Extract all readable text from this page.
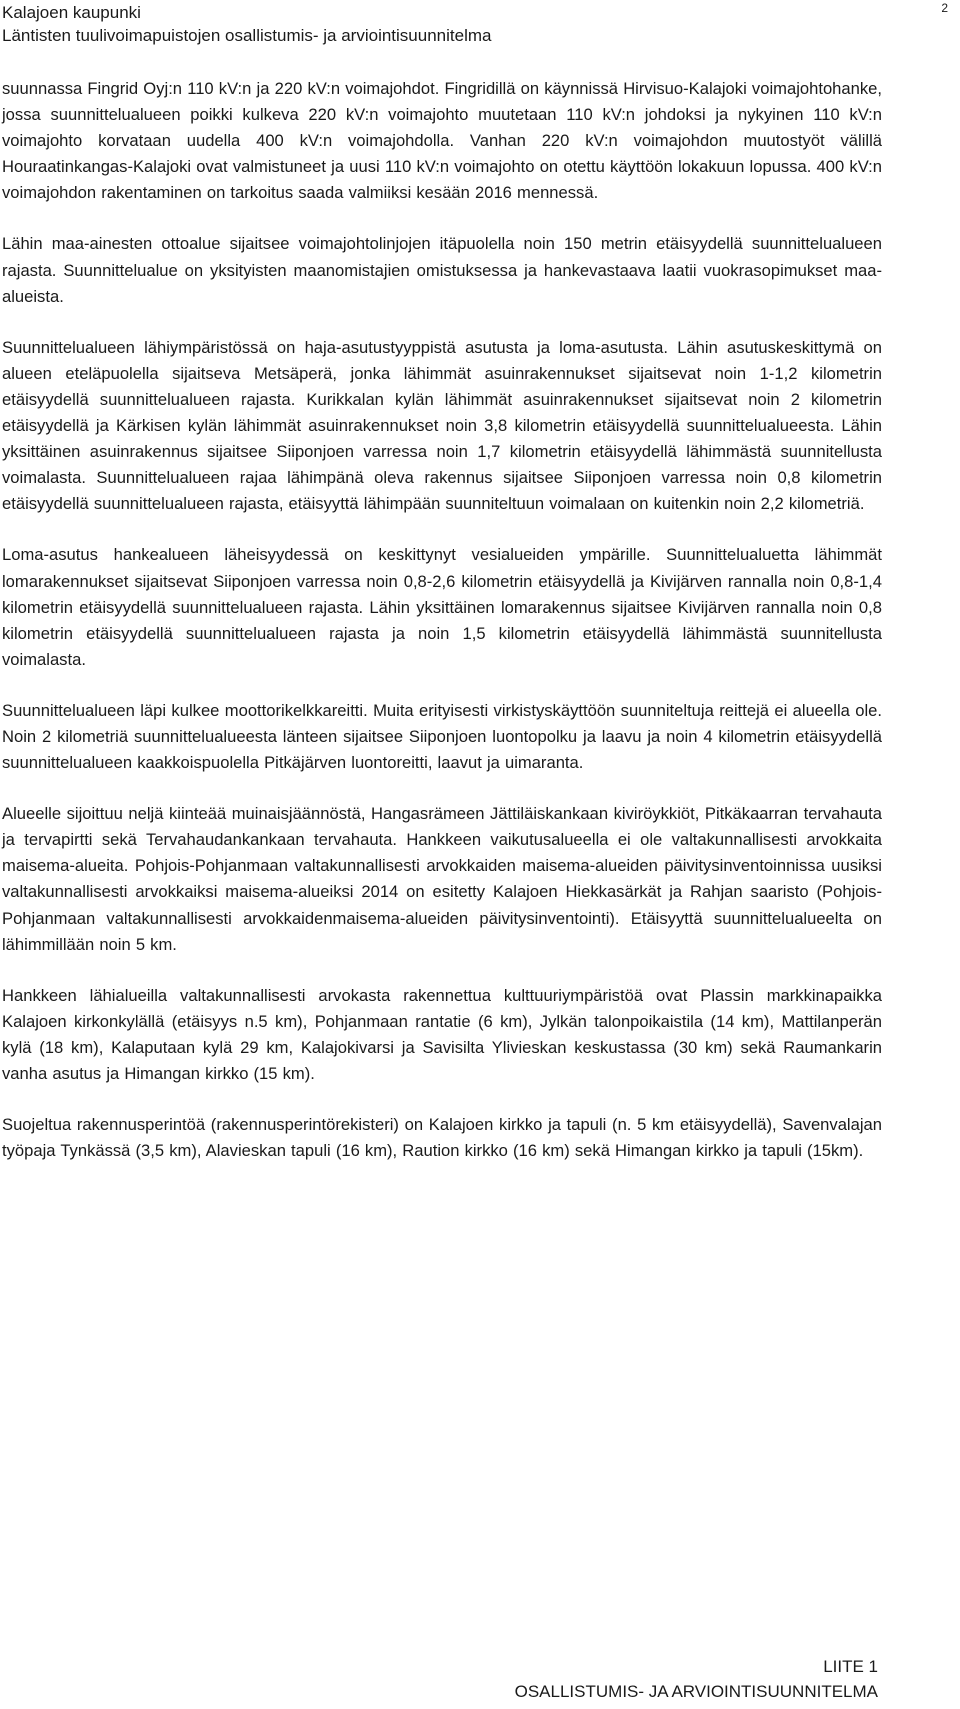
Kalajoen kaupunki
Läntisten tuulivoimapuistojen osallistumis- ja arviointisuunnitelma
2

suunnassa Fingrid Oyj:n 110 kV:n ja 220 kV:n voimajohdot. Fingridillä on käynnissä Hirvisuo-Kalajoki voimajohtohanke, jossa suunnittelualueen poikki kulkeva 220 kV:n voimajohto muutetaan 110 kV:n johdoksi ja nykyinen 110 kV:n voimajohto korvataan uudella 400 kV:n voimajohdolla. Vanhan 220 kV:n voimajohdon muutostyöt välillä Houraatinkangas-Kalajoki ovat valmistuneet ja uusi 110 kV:n voimajohto on otettu käyttöön lokakuun lopussa. 400 kV:n voimajohdon rakentaminen on tarkoitus saada valmiiksi kesään 2016 mennessä.

Lähin maa-ainesten ottoalue sijaitsee voimajohtolinjojen itäpuolella noin 150 metrin etäisyydellä suunnittelualueen rajasta. Suunnittelualue on yksityisten maanomistajien omistuksessa ja hankevastaava laatii vuokrasopimukset maa-alueista.

Suunnittelualueen lähiympäristössä on haja-asutustyyppistä asutusta ja loma-asutusta. Lähin asutuskeskittymä on alueen eteläpuolella sijaitseva Metsäperä, jonka lähimmät asuinrakennukset sijaitsevat noin 1-1,2 kilometrin etäisyydellä suunnittelualueen rajasta. Kurikkalan kylän lähimmät asuinrakennukset sijaitsevat noin 2 kilometrin etäisyydellä ja Kärkisen kylän lähimmät asuinrakennukset noin 3,8 kilometrin etäisyydellä suunnittelualueesta. Lähin yksittäinen asuinrakennus sijaitsee Siiponjoen varressa noin 1,7 kilometrin etäisyydellä lähimmästä suunnitellusta voimalasta. Suunnittelualueen rajaa lähimpänä oleva rakennus sijaitsee Siiponjoen varressa noin 0,8 kilometrin etäisyydellä suunnittelualueen rajasta, etäisyyttä lähimpään suunniteltuun voimalaan on kuitenkin noin 2,2 kilometriä.

Loma-asutus hankealueen läheisyydessä on keskittynyt vesialueiden ympärille. Suunnittelualuetta lähimmät lomarakennukset sijaitsevat Siiponjoen varressa noin 0,8-2,6 kilometrin etäisyydellä ja Kivijärven rannalla noin 0,8-1,4 kilometrin etäisyydellä suunnittelualueen rajasta. Lähin yksittäinen lomarakennus sijaitsee Kivijärven rannalla noin 0,8 kilometrin etäisyydellä suunnittelualueen rajasta ja noin 1,5 kilometrin etäisyydellä lähimmästä suunnitellusta voimalasta.

Suunnittelualueen läpi kulkee moottorikelkkareitti. Muita erityisesti virkistyskäyttöön suunniteltuja reittejä ei alueella ole. Noin 2 kilometriä suunnittelualueesta länteen sijaitsee Siiponjoen luontopolku ja laavu ja noin 4 kilometrin etäisyydellä suunnittelualueen kaakkoispuolella Pitkäjärven luontoreitti, laavut ja uimaranta.

Alueelle sijoittuu neljä kiinteää muinaisjäännöstä, Hangasrämeen Jättiläiskankaan kiviröykkiöt, Pitkäkaarran tervahauta ja tervapirtti sekä Tervahaudankankaan tervahauta. Hankkeen vaikutusalueella ei ole valtakunnallisesti arvokkaita maisema-alueita. Pohjois-Pohjanmaan valtakunnallisesti arvokkaiden maisema-alueiden päivitysinventoinnissa uusiksi valtakunnallisesti arvokkaiksi maisema-alueiksi 2014 on esitetty Kalajoen Hiekkasärkät ja Rahjan saaristo (Pohjois-Pohjanmaan valtakunnallisesti arvokkaidenmaisema-alueiden päivitysinventointi). Etäisyyttä suunnittelualueelta on lähimmillään noin 5 km.

Hankkeen lähialueilla valtakunnallisesti arvokasta rakennettua kulttuuriympäristöä ovat Plassin markkinapaikka Kalajoen kirkonkylällä (etäisyys n.5 km), Pohjanmaan rantatie (6 km), Jylkän talonpoikaistila (14 km), Mattilanperän kylä (18 km), Kalaputaan kylä 29 km, Kalajokivarsi ja Savisilta Ylivieskan keskustassa (30 km) sekä Raumankarin vanha asutus ja Himangan kirkko (15 km).

Suojeltua rakennusperintöä (rakennusperintörekisteri) on Kalajoen kirkko ja tapuli (n. 5 km etäisyydellä), Savenvalajan työpaja Tynkässä (3,5 km), Alavieskan tapuli (16 km), Raution kirkko (16 km) sekä Himangan kirkko ja tapuli (15km).

LIITE 1
OSALLISTUMIS- JA ARVIOINTISUUNNITELMA
